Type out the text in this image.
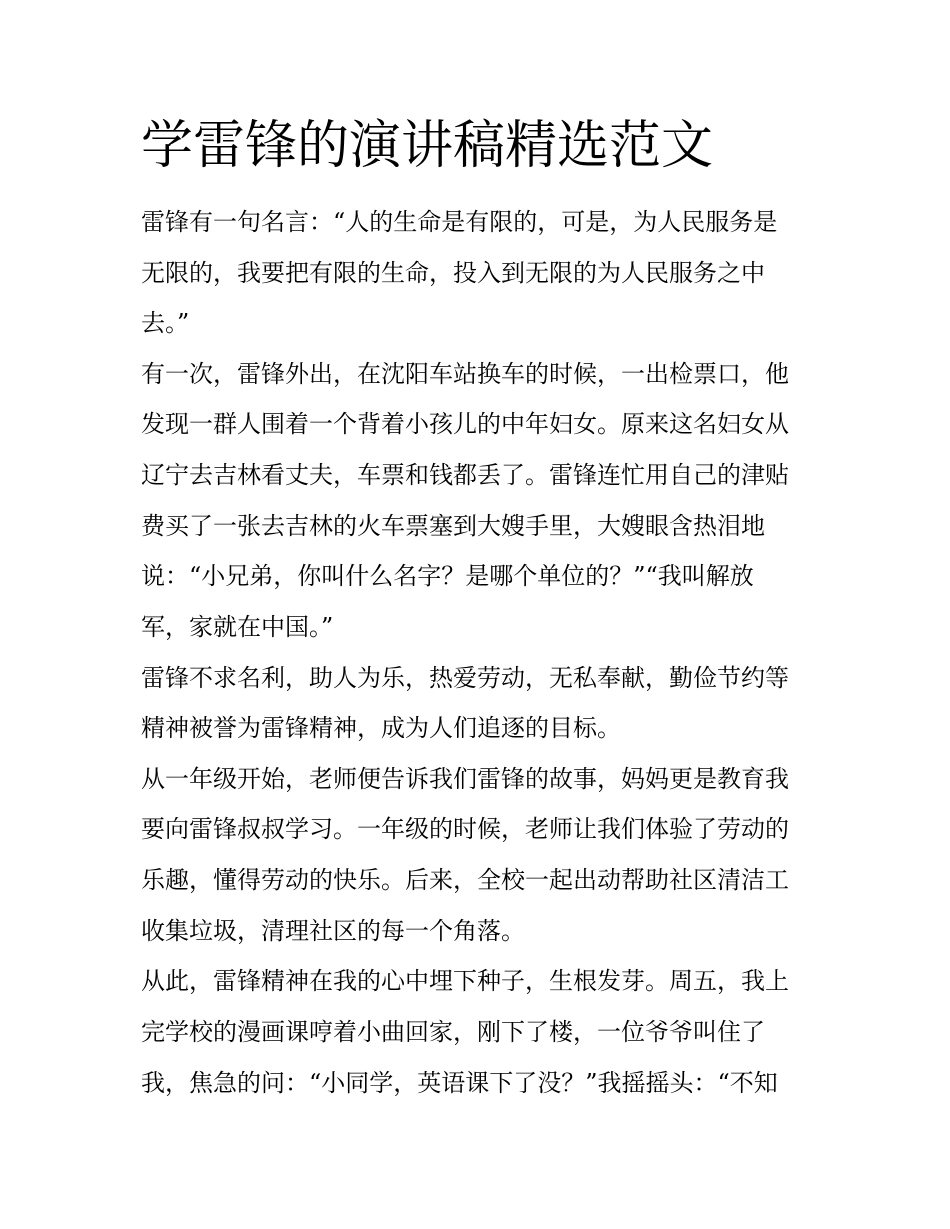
学雷锋的演讲稿精选范文

雷锋有一句名言：“人的生命是有限的，可是，为人民服务是

无限的，我要把有限的生命，投入到无限的为人民服务之中

去。”

有一次，雷锋外出，在沈阳车站换车的时候，一出检票口，他

发现一群人围着一个背着小孩儿的中年妇女。原来这名妇女从

辽宁去吉林看丈夫，车票和钱都丢了。雷锋连忙用自己的津贴

费买了一张去吉林的火车票塞到大嫂手里，大嫂眼含热泪地

说：“小兄弟，你叫什么名字？是哪个单位的？”“我叫解放

军，家就在中国。”

雷锋不求名利，助人为乐，热爱劳动，无私奉献，勤俭节约等

精神被誉为雷锋精神，成为人们追逐的目标。

从一年级开始，老师便告诉我们雷锋的故事，妈妈更是教育我

要向雷锋叔叔学习。一年级的时候，老师让我们体验了劳动的

乐趣，懂得劳动的快乐。后来，全校一起出动帮助社区清洁工

收集垃圾，清理社区的每一个角落。

从此，雷锋精神在我的心中埋下种子，生根发芽。周五，我上

完学校的漫画课哼着小曲回家，刚下了楼，一位爷爷叫住了

我，焦急的问：“小同学，英语课下了没？”我摇摇头：“不知
